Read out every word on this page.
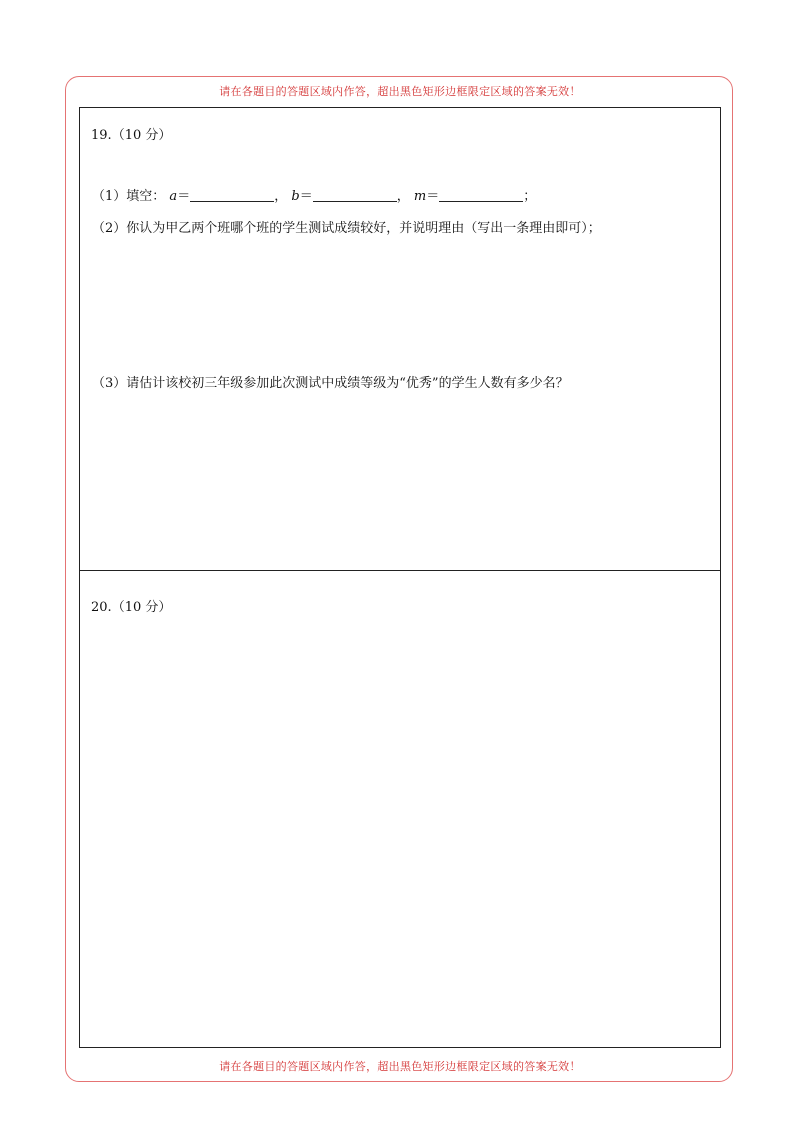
请在各题目的答题区域内作答，超出黑色矩形边框限定区域的答案无效！
19.（10 分）
（1）填空： a＝	， b＝	， m＝	；
（2）你认为甲乙两个班哪个班的学生测试成绩较好，并说明理由（写出一条理由即可）；
（3）请估计该校初三年级参加此次测试中成绩等级为“优秀”的学生人数有多少名？
20.（10 分）
请在各题目的答题区域内作答，超出黑色矩形边框限定区域的答案无效！
